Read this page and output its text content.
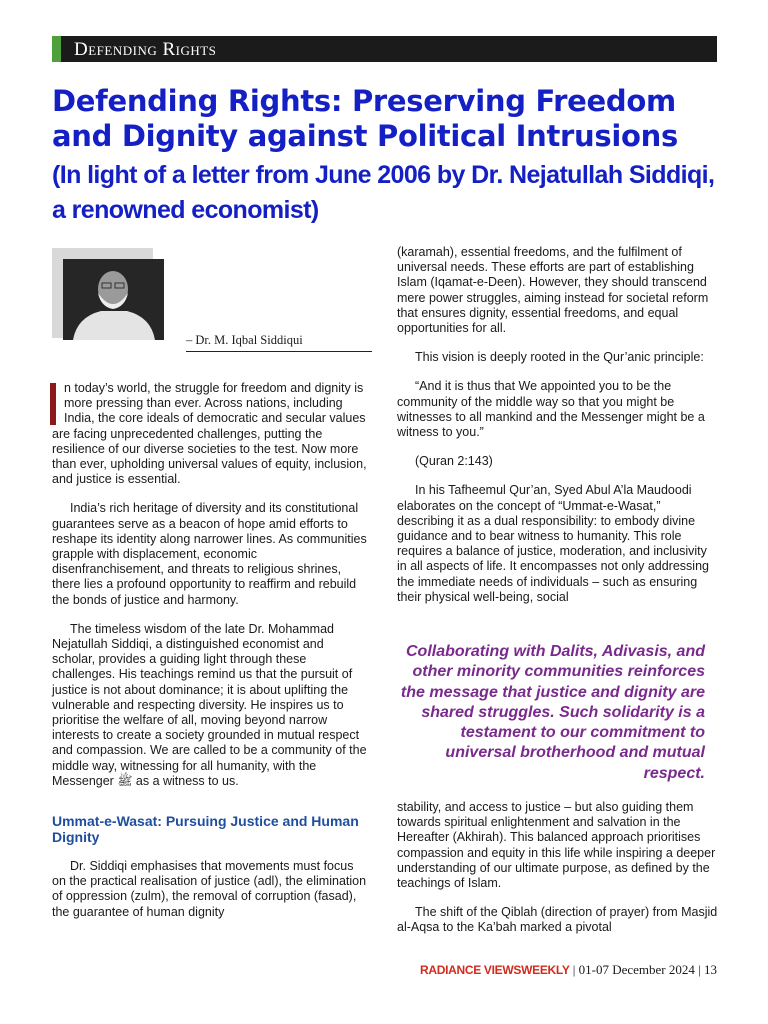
Defending Rights
Defending Rights: Preserving Freedom and Dignity against Political Intrusions
(In light of a letter from June 2006 by Dr. Nejatullah Siddiqi, a renowned economist)
– Dr. M. Iqbal Siddiqui

n today’s world, the struggle for freedom and dignity is more pressing than ever. Across nations, including India, the core ideals of democratic and secular values are facing unprecedented challenges, putting the resilience of our diverse societies to the test. Now more than ever, upholding universal values of equity, inclusion, and justice is essential.

India’s rich heritage of diversity and its constitutional guarantees serve as a beacon of hope amid efforts to reshape its identity along narrower lines. As communities grapple with displacement, economic disenfranchisement, and threats to religious shrines, there lies a profound opportunity to reaffirm and rebuild the bonds of justice and harmony.

The timeless wisdom of the late Dr. Mohammad Nejatullah Siddiqi, a distinguished economist and scholar, provides a guiding light through these challenges. His teachings remind us that the pursuit of justice is not about dominance; it is about uplifting the vulnerable and respecting diversity. He inspires us to prioritise the welfare of all, moving beyond narrow interests to create a society grounded in mutual respect and compassion. We are called to be a community of the middle way, witnessing for all humanity, with the Messenger ﷺ as a witness to us.

Ummat-e-Wasat: Pursuing Justice and Human Dignity

Dr. Siddiqi emphasises that movements must focus on the practical realisation of justice (adl), the elimination of oppression (zulm), the removal of corruption (fasad), the guarantee of human dignity

(karamah), essential freedoms, and the fulfilment of universal needs. These efforts are part of establishing Islam (Iqamat-e-Deen). However, they should transcend mere power struggles, aiming instead for societal reform that ensures dignity, essential freedoms, and equal opportunities for all.

This vision is deeply rooted in the Qur’anic principle:

“And it is thus that We appointed you to be the community of the middle way so that you might be witnesses to all mankind and the Messenger might be a witness to you.”

(Quran 2:143)

In his Tafheemul Qur’an, Syed Abul A’la Maudoodi elaborates on the concept of “Ummat-e-Wasat,” describing it as a dual responsibility: to embody divine guidance and to bear witness to humanity. This role requires a balance of justice, moderation, and inclusivity in all aspects of life. It encompasses not only addressing the immediate needs of individuals – such as ensuring their physical well-being, social

Collaborating with Dalits, Adivasis, and other minority communities reinforces the message that justice and dignity are shared struggles. Such solidarity is a testament to our commitment to universal brotherhood and mutual respect.

stability, and access to justice – but also guiding them towards spiritual enlightenment and salvation in the Hereafter (Akhirah). This balanced approach prioritises compassion and equity in this life while inspiring a deeper understanding of our ultimate purpose, as defined by the teachings of Islam.

The shift of the Qiblah (direction of prayer) from Masjid al-Aqsa to the Ka’bah marked a pivotal

RADIANCE VIEWSWEEKLY | 01-07 December 2024 | 13
